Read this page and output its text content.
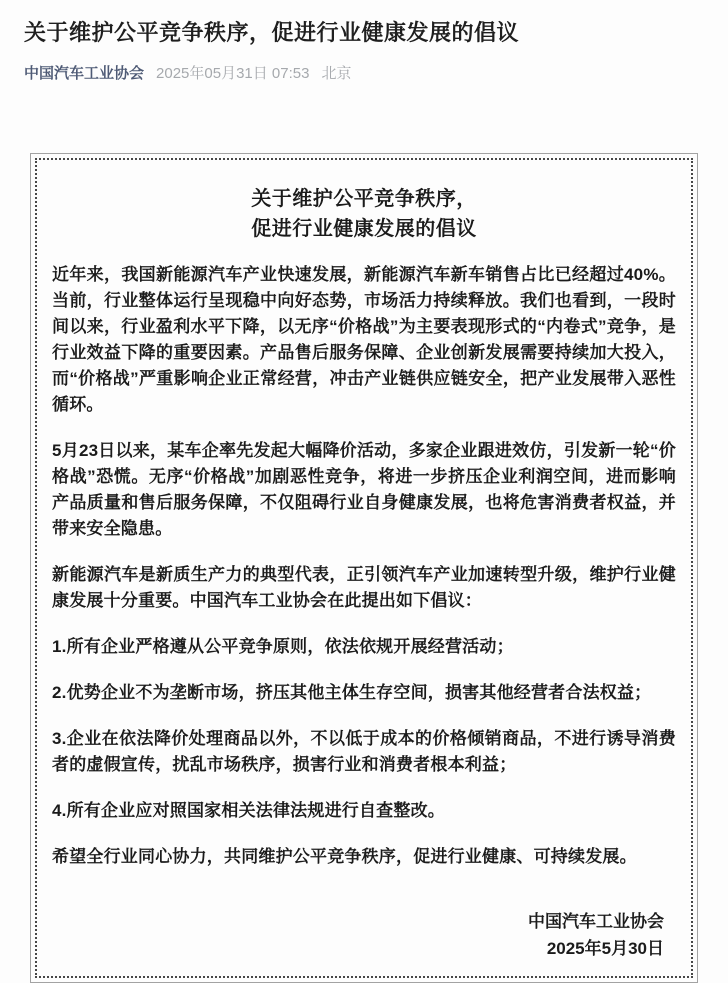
关于维护公平竞争秩序，促进行业健康发展的倡议
中国汽车工业协会 2025年05月31日 07:53 北京
关于维护公平竞争秩序，
促进行业健康发展的倡议

近年来，我国新能源汽车产业快速发展，新能源汽车新车销售占比已经超过40%。当前，行业整体运行呈现稳中向好态势，市场活力持续释放。我们也看到，一段时间以来，行业盈利水平下降，以无序“价格战”为主要表现形式的“内卷式”竞争，是行业效益下降的重要因素。产品售后服务保障、企业创新发展需要持续加大投入，而“价格战”严重影响企业正常经营，冲击产业链供应链安全，把产业发展带入恶性循环。

5月23日以来，某车企率先发起大幅降价活动，多家企业跟进效仿，引发新一轮“价格战”恐慌。无序“价格战”加剧恶性竞争，将进一步挤压企业利润空间，进而影响产品质量和售后服务保障，不仅阻碍行业自身健康发展，也将危害消费者权益，并带来安全隐患。

新能源汽车是新质生产力的典型代表，正引领汽车产业加速转型升级，维护行业健康发展十分重要。中国汽车工业协会在此提出如下倡议：

1.所有企业严格遵从公平竞争原则，依法依规开展经营活动；

2.优势企业不为垄断市场，挤压其他主体生存空间，损害其他经营者合法权益；

3.企业在依法降价处理商品以外，不以低于成本的价格倾销商品，不进行诱导消费者的虚假宣传，扰乱市场秩序，损害行业和消费者根本利益；

4.所有企业应对照国家相关法律法规进行自查整改。

希望全行业同心协力，共同维护公平竞争秩序，促进行业健康、可持续发展。

中国汽车工业协会
2025年5月30日
